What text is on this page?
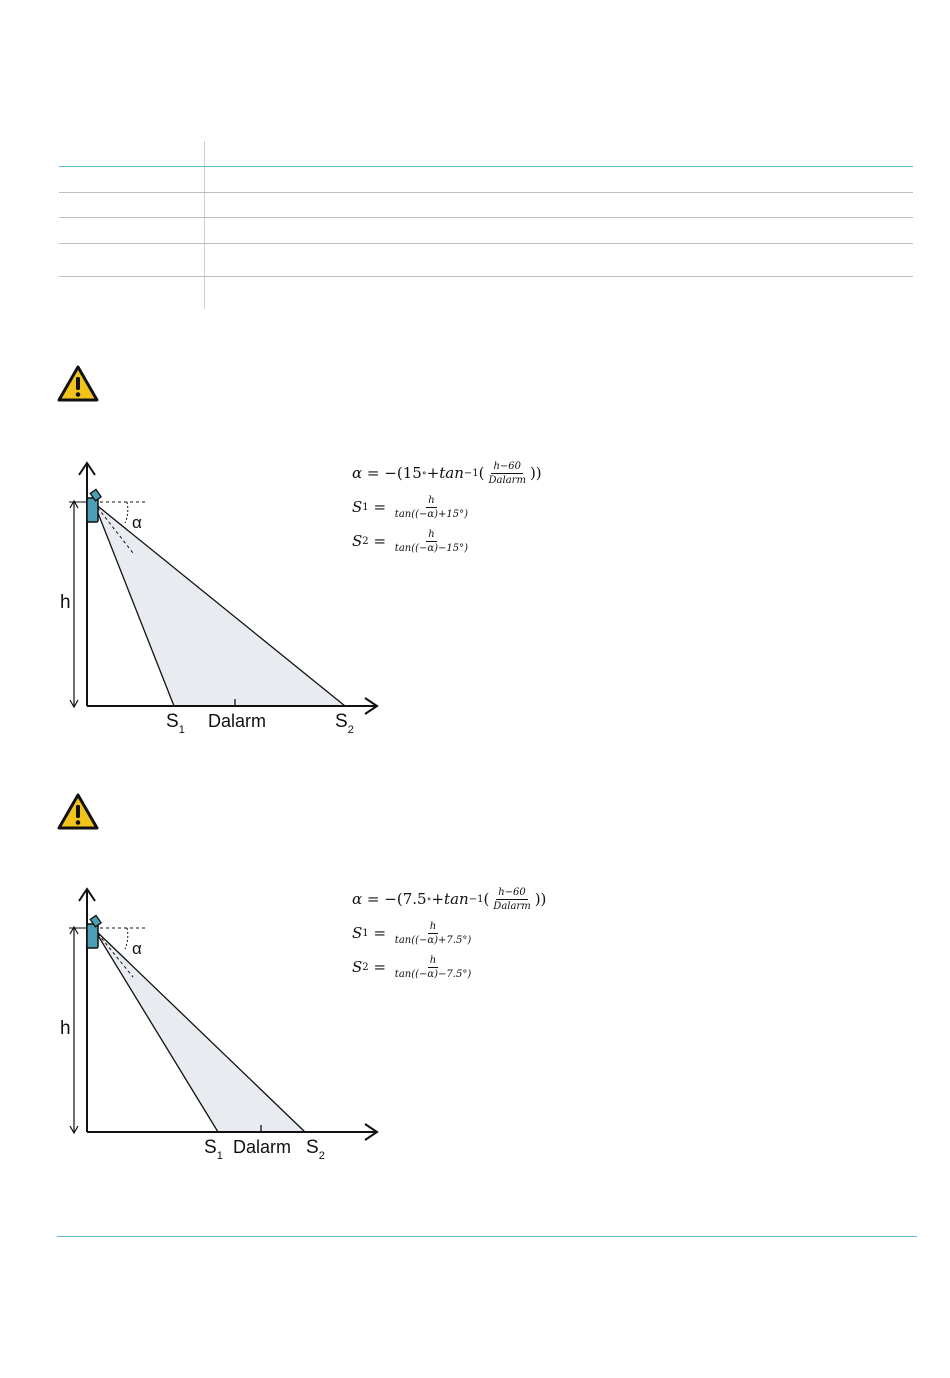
h
α
$S_1$ Dalarm	$S_2$
α
=
−(15 ∘ + tan −1 ( $\frac{h-60}{\text{Dalarm}}$ ))
S 1
=
$\frac{h}{\tan((-\alpha)+15^\circ)}$
S 2
=
$\frac{h}{\tan((-\alpha)-15^\circ)}$
h
α
$S_1$ Dalarm $S_2$
α
=
−(7.5 ∘ + tan −1 ( $\frac{h-60}{\text{Dalarm}}$ ))
S 1
=
$\frac{h}{\tan((-\alpha)+7.5^\circ)}$
S 2
=
$\frac{h}{\tan((-\alpha)-7.5^\circ)}$
